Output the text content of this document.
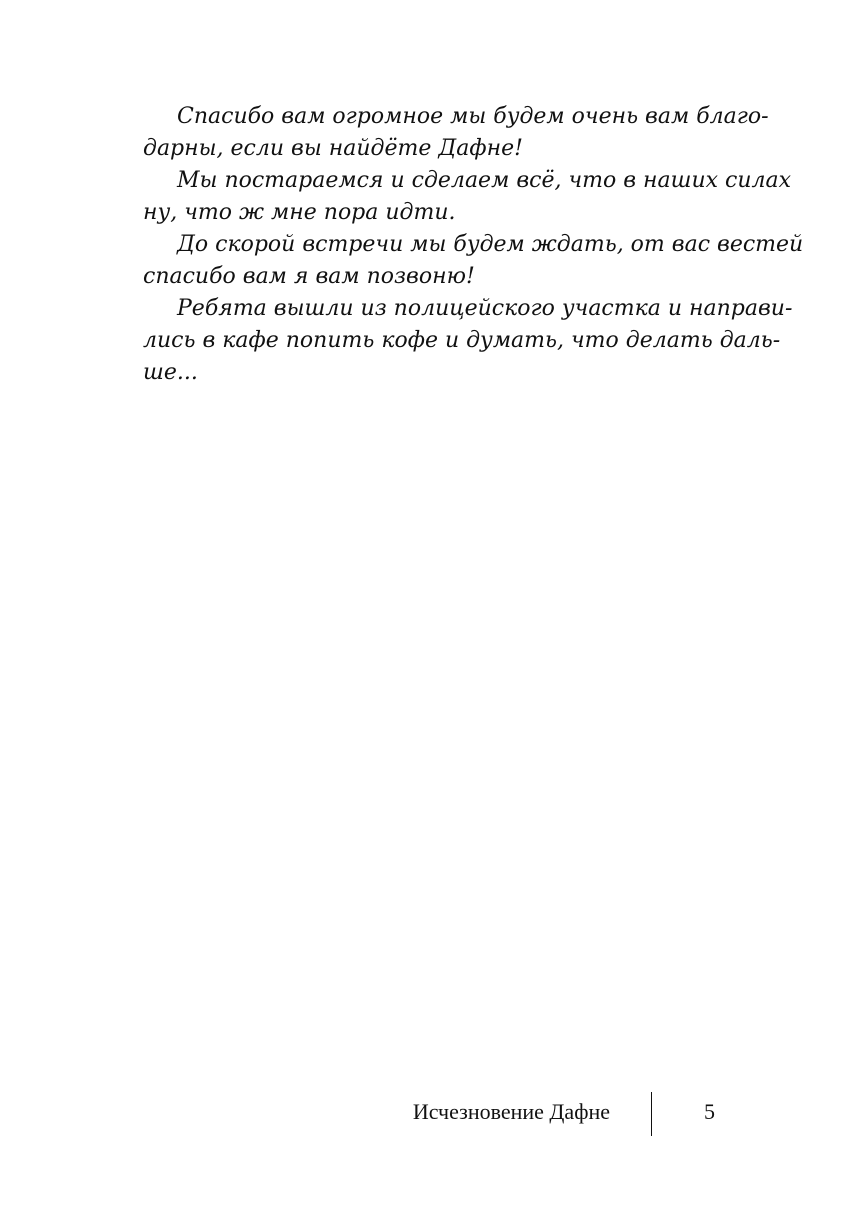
Спасибо вам огромное мы будем очень вам благо-
дарны, если вы найдёте Дафне!
Мы постараемся и сделаем всё, что в наших силах
ну, что ж мне пора идти.
До скорой встречи мы будем ждать, от вас вестей
спасибо вам я вам позвоню!
Ребята вышли из полицейского участка и направи-
лись в кафе попить кофе и думать, что делать даль-
ше...
Исчезновение Дафне	5
